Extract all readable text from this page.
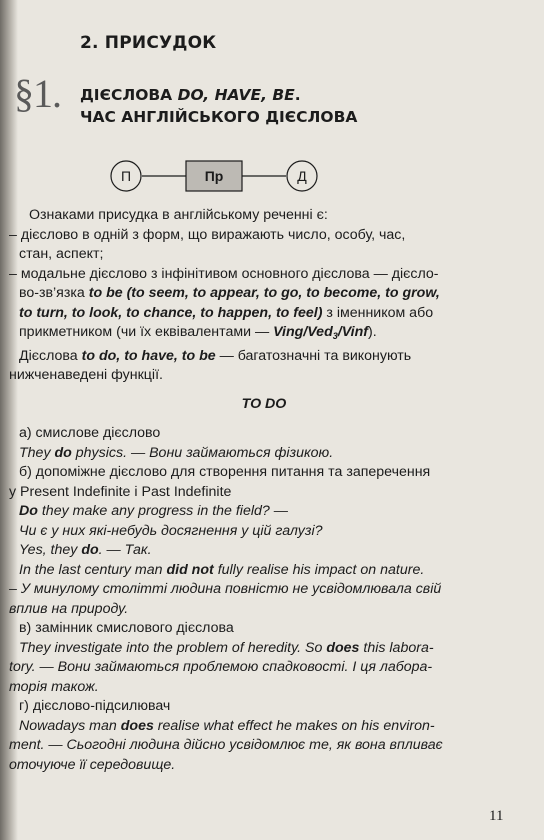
2. ПРИСУДОК
§1. ДІЄСЛОВА DO, HAVE, BE.
ЧАС АНГЛІЙСЬКОГО ДІЄСЛОВА
П	Пр	Д
Ознаками присудка в англійському реченні є:
– дієслово в одній з форм, що виражають число, особу, час,
стан, аспект;
– модальне дієслово з інфінітивом основного дієслова — дієсло-
во-зв’язка to be (to seem, to appear, to go, to become, to grow,
to turn, to look, to chance, to happen, to feel) з іменником або
прикметником (чи їх еквівалентами — Ving/Ved$_3$/Vinf).
Дієслова to do, to have, to be — багатозначні та виконують
нижченаведені функції.
TO DO
а) смислове дієслово
They do physics. — Вони займаються фізикою.
б) допоміжне дієслово для створення питання та заперечення
у Present Indefinite і Past Indefinite
Do they make any progress in the field? —
Чи є у них які-небудь досягнення у цій галузі?
Yes, they do. — Так.
In the last century man did not fully realise his impact on nature.
– У минулому столітті людина повністю не усвідомлювала свій
вплив на природу.
в) замінник смислового дієслова
They investigate into the problem of heredity. So does this labora-
tory. — Вони займаються проблемою спадковості. І ця лабора-
торія також.
г) дієслово-підсилювач
Nowadays man does realise what effect he makes on his environ-
ment. — Сьогодні людина дійсно усвідомлює те, як вона впливає
оточуюче її середовище.
11
